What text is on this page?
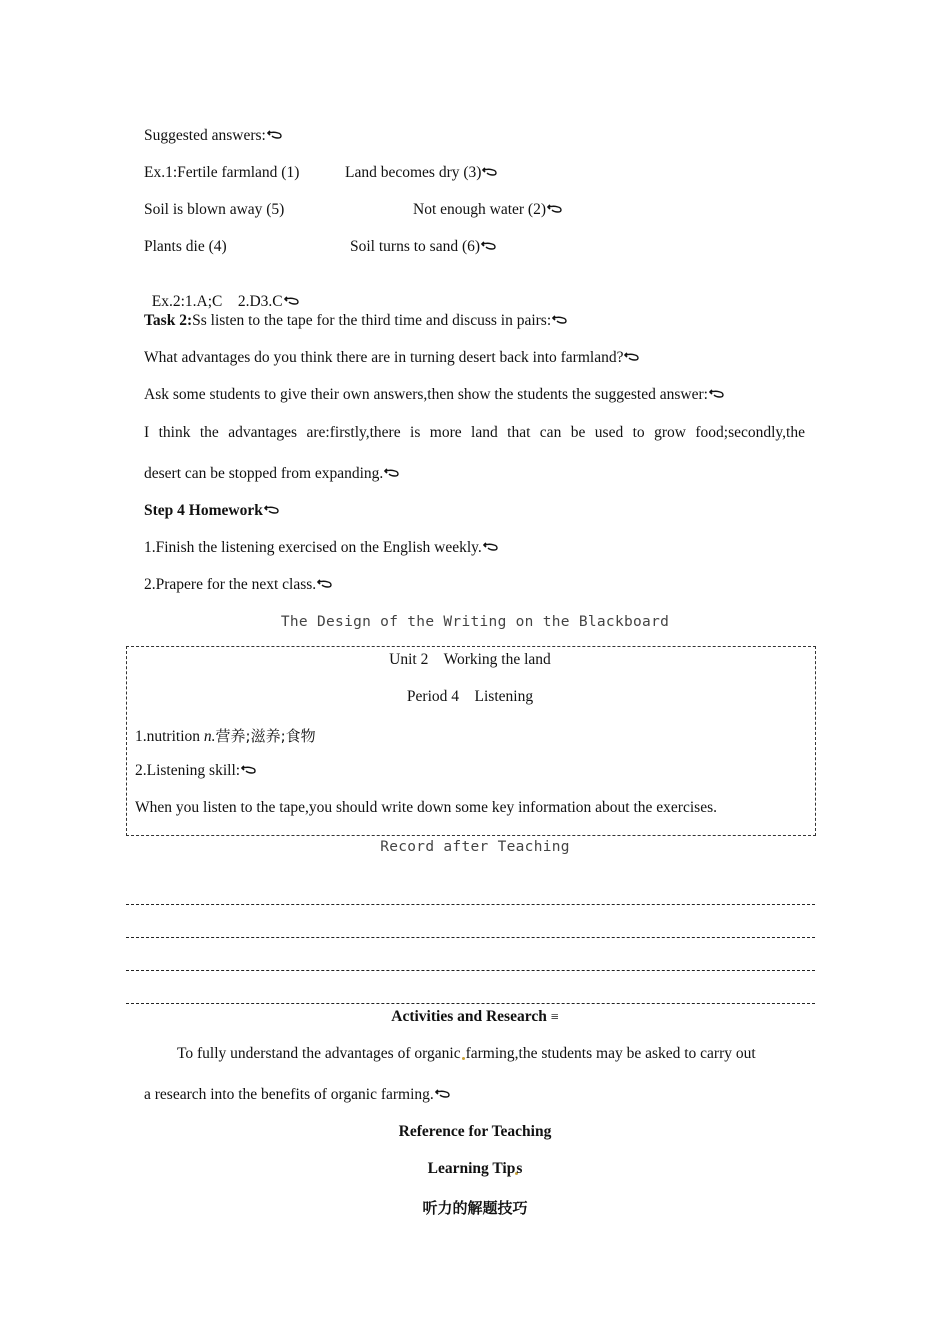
Suggested answers:
Ex.1:Fertile farmland (1)	Land becomes dry (3)
Soil is blown away (5)	Not enough water (2)
Plants die (4)	Soil turns to sand (6)

Ex.2:1.A;C    2.D3.C

Task 2:Ss listen to the tape for the third time and discuss in pairs:
What advantages do you think there are in turning desert back into farmland?
Ask some students to give their own answers,then show the students the suggested answer:
I think the advantages are:firstly,there is more land that can be used to grow food;secondly,the
desert can be stopped from expanding.
Step 4 Homework
1.Finish the listening exercised on the English weekly.
2.Prapere for the next class.
The Design of the Writing on the Blackboard
Unit 2    Working the land
Period 4    Listening
1.nutrition n.营养;滋养;食物
2.Listening skill:
When you listen to the tape,you should write down some key information about the exercises.
Record after Teaching
Activities and Research ≡
To fully understand the advantages of organic farming,the students may be asked to carry out
a research into the benefits of organic farming.
Reference for Teaching
Learning Tips
听力的解题技巧
